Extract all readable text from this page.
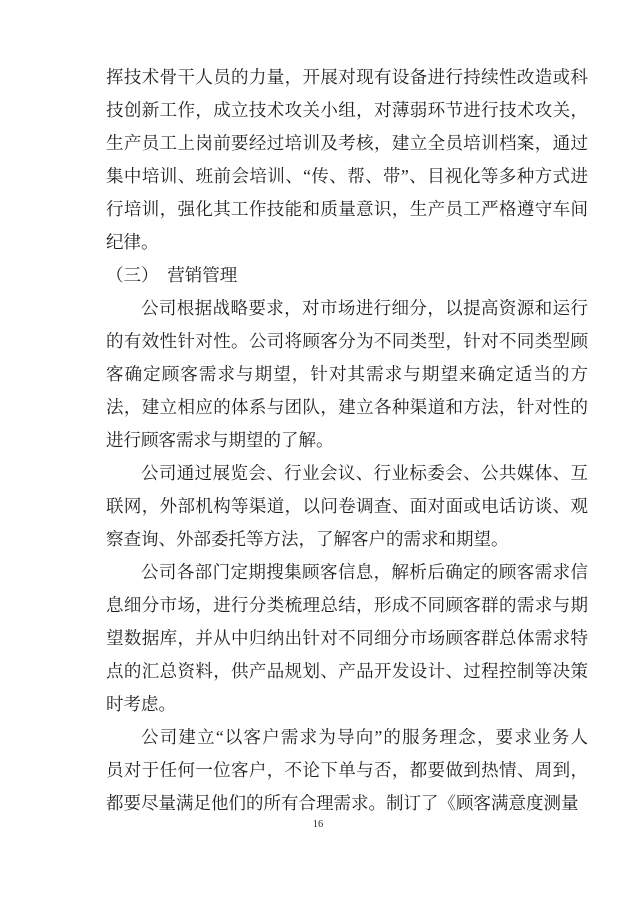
挥技术骨干人员的力量，开展对现有设备进行持续性改造或科
技创新工作，成立技术攻关小组，对薄弱环节进行技术攻关，
生产员工上岗前要经过培训及考核，建立全员培训档案，通过
集中培训、班前会培训、“传、帮、带”、目视化等多种方式进
行培训，强化其工作技能和质量意识，生产员工严格遵守车间
纪律。
（三）　营销管理
公司根据战略要求，对市场进行细分，以提高资源和运行
的有效性针对性。公司将顾客分为不同类型，针对不同类型顾
客确定顾客需求与期望，针对其需求与期望来确定适当的方
法，建立相应的体系与团队，建立各种渠道和方法，针对性的
进行顾客需求与期望的了解。
公司通过展览会、行业会议、行业标委会、公共媒体、互
联网，外部机构等渠道，以问卷调查、面对面或电话访谈、观
察查询、外部委托等方法，了解客户的需求和期望。
公司各部门定期搜集顾客信息，解析后确定的顾客需求信
息细分市场，进行分类梳理总结，形成不同顾客群的需求与期
望数据库，并从中归纳出针对不同细分市场顾客群总体需求特
点的汇总资料，供产品规划、产品开发设计、过程控制等决策
时考虑。
公司建立“以客户需求为导向”的服务理念，要求业务人
员对于任何一位客户，不论下单与否，都要做到热情、周到，
都要尽量满足他们的所有合理需求。制订了《顾客满意度测量
16
